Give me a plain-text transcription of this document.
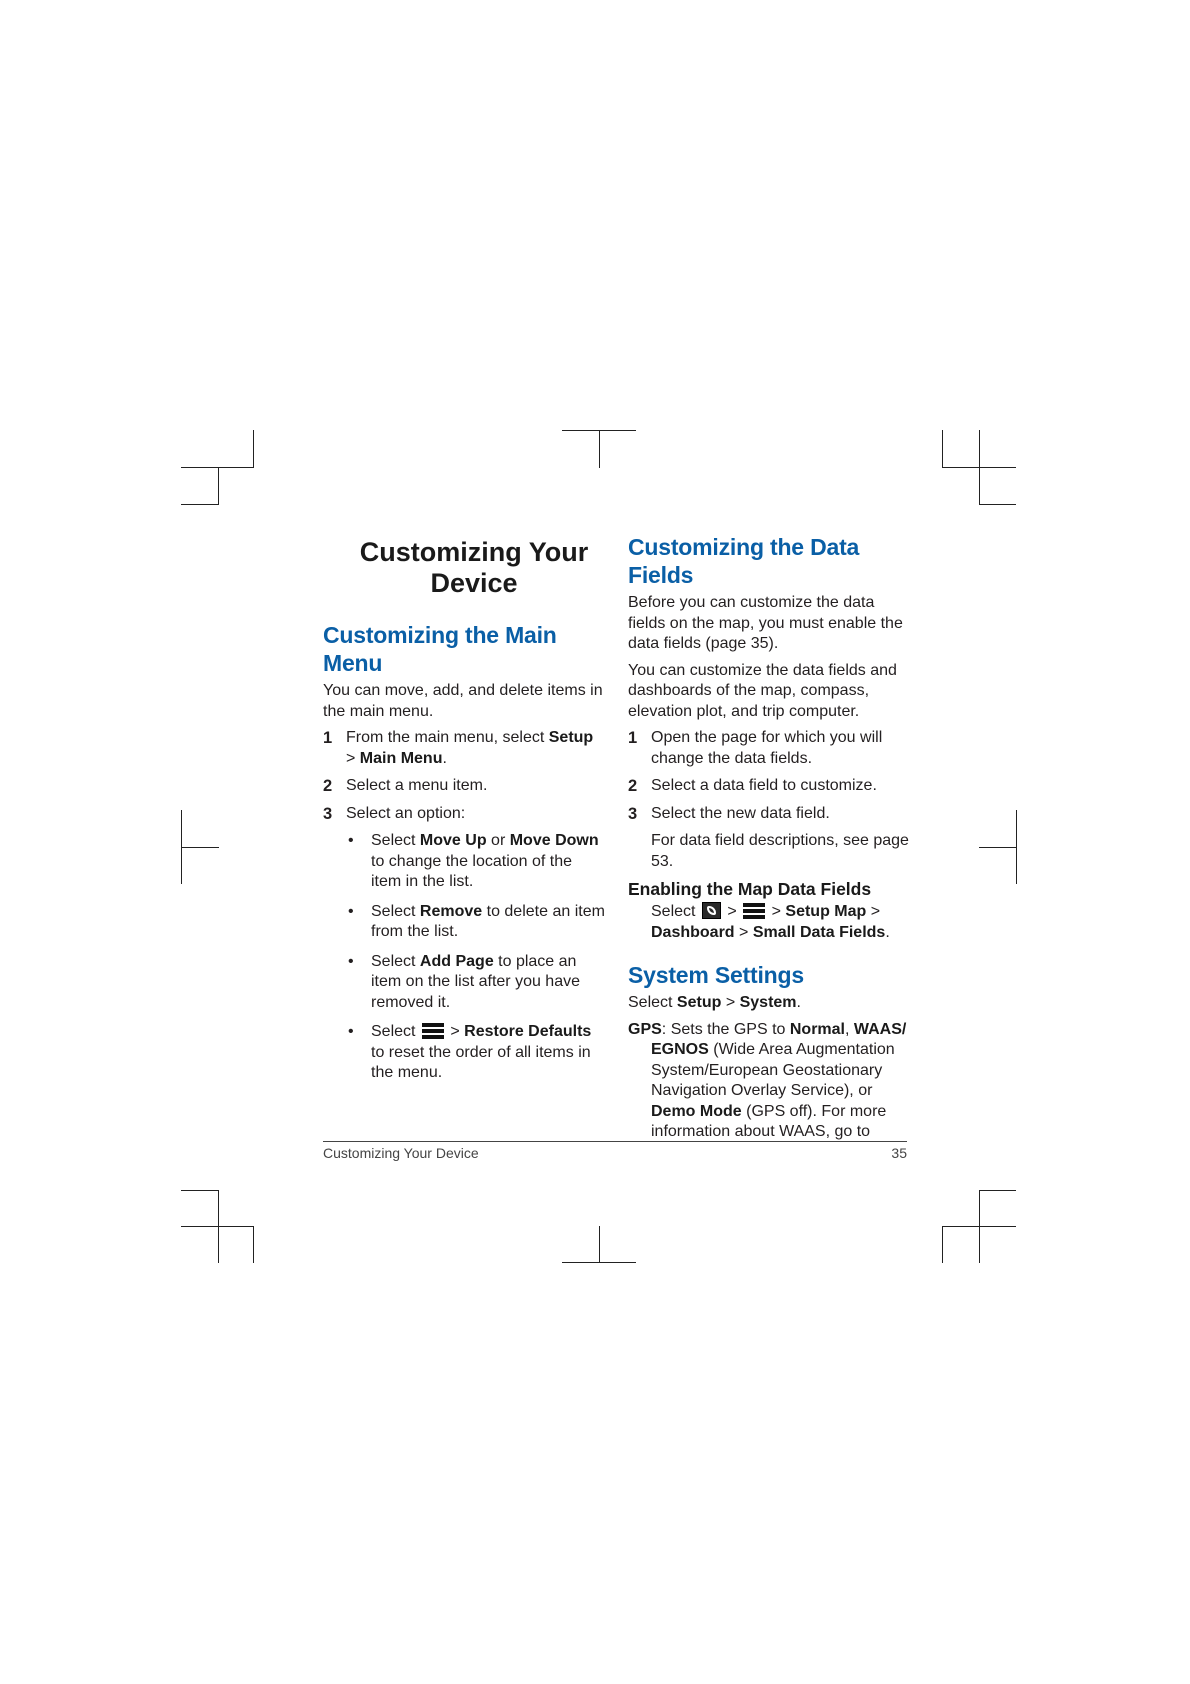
Customizing Your
Device
Customizing the Main Menu

You can move, add, and delete items in the main menu.

1 From the main menu, select Setup > Main Menu.
2 Select a menu item.
3 Select an option:
• Select Move Up or Move Down to change the location of the item in the list.
• Select Remove to delete an item from the list.
• Select Add Page to place an item on the list after you have removed it.
• Select  > Restore Defaults to reset the order of all items in the menu.
Customizing the Data Fields

Before you can customize the data fields on the map, you must enable the data fields (page 35).

You can customize the data fields and dashboards of the map, compass, elevation plot, and trip computer.

1 Open the page for which you will change the data fields.
2 Select a data field to customize.
3 Select the new data field.

For data field descriptions, see page 53.

Enabling the Map Data Fields

Select  >  > Setup Map > Dashboard > Small Data Fields.

System Settings

Select Setup > System.

GPS: Sets the GPS to Normal, WAAS/ EGNOS (Wide Area Augmentation System/European Geostationary Navigation Overlay Service), or Demo Mode (GPS off). For more information about WAAS, go to

Customizing Your Device	35
